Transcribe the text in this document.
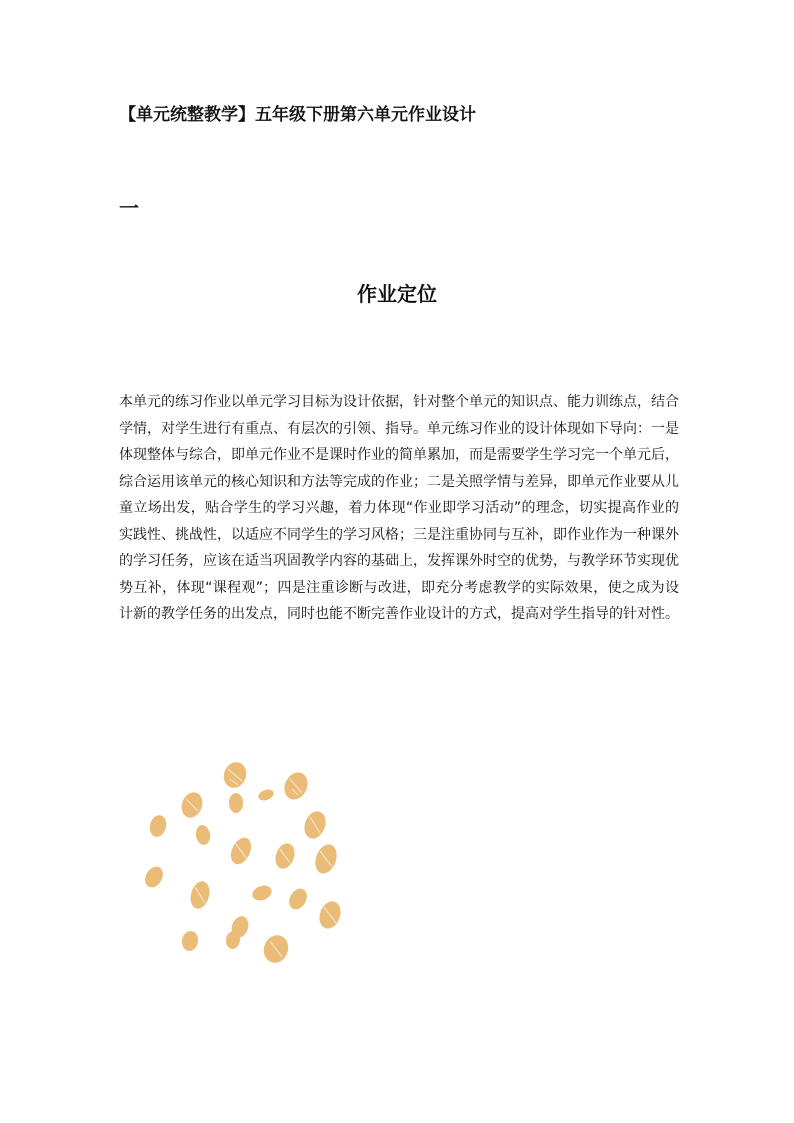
【单元统整教学】五年级下册第六单元作业设计
一
作业定位

本单元的练习作业以单元学习目标为设计依据，针对整个单元的知识点、能力训练点，结合学情，对学生进行有重点、有层次的引领、指导。单元练习作业的设计体现如下导向：一是体现整体与综合，即单元作业不是课时作业的简单累加，而是需要学生学习完一个单元后，综合运用该单元的核心知识和方法等完成的作业；二是关照学情与差异，即单元作业要从儿童立场出发，贴合学生的学习兴趣，着力体现“作业即学习活动”的理念，切实提高作业的实践性、挑战性，以适应不同学生的学习风格；三是注重协同与互补，即作业作为一种课外的学习任务，应该在适当巩固教学内容的基础上，发挥课外时空的优势，与教学环节实现优势互补，体现“课程观”；四是注重诊断与改进，即充分考虑教学的实际效果，使之成为设计新的教学任务的出发点，同时也能不断完善作业设计的方式，提高对学生指导的针对性。
